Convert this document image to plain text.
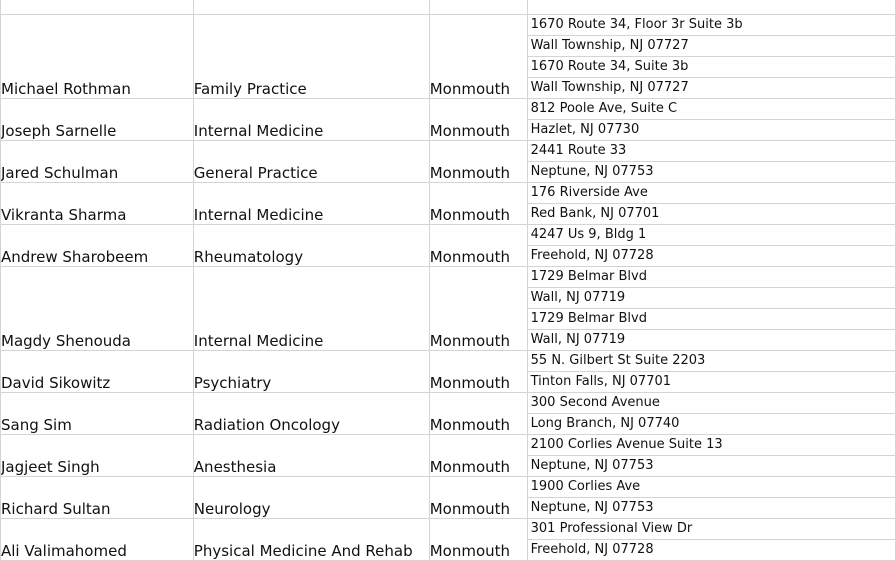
Michael Rothman	Family Practice	Monmouth	1670 Route 34, Floor 3r Suite 3b
Wall Township, NJ 07727
1670 Route 34, Suite 3b
Wall Township, NJ 07727

Joseph Sarnelle	Internal Medicine	Monmouth	812 Poole Ave, Suite C
Hazlet, NJ 07730

Jared Schulman	General Practice	Monmouth	2441 Route 33
Neptune, NJ 07753

Vikranta Sharma	Internal Medicine	Monmouth	176 Riverside Ave
Red Bank, NJ 07701

Andrew Sharobeem	Rheumatology	Monmouth	4247 Us 9, Bldg 1
Freehold, NJ 07728

Magdy Shenouda	Internal Medicine	Monmouth	1729 Belmar Blvd
Wall, NJ 07719
1729 Belmar Blvd
Wall, NJ 07719

David Sikowitz	Psychiatry	Monmouth	55 N. Gilbert St Suite 2203
Tinton Falls, NJ 07701

Sang Sim	Radiation Oncology	Monmouth	300 Second Avenue
Long Branch, NJ 07740

Jagjeet Singh	Anesthesia	Monmouth	2100 Corlies Avenue Suite 13
Neptune, NJ 07753

Richard Sultan	Neurology	Monmouth	1900 Corlies Ave
Neptune, NJ 07753

Ali Valimahomed	Physical Medicine And Rehab	Monmouth	301 Professional View Dr
Freehold, NJ 07728
